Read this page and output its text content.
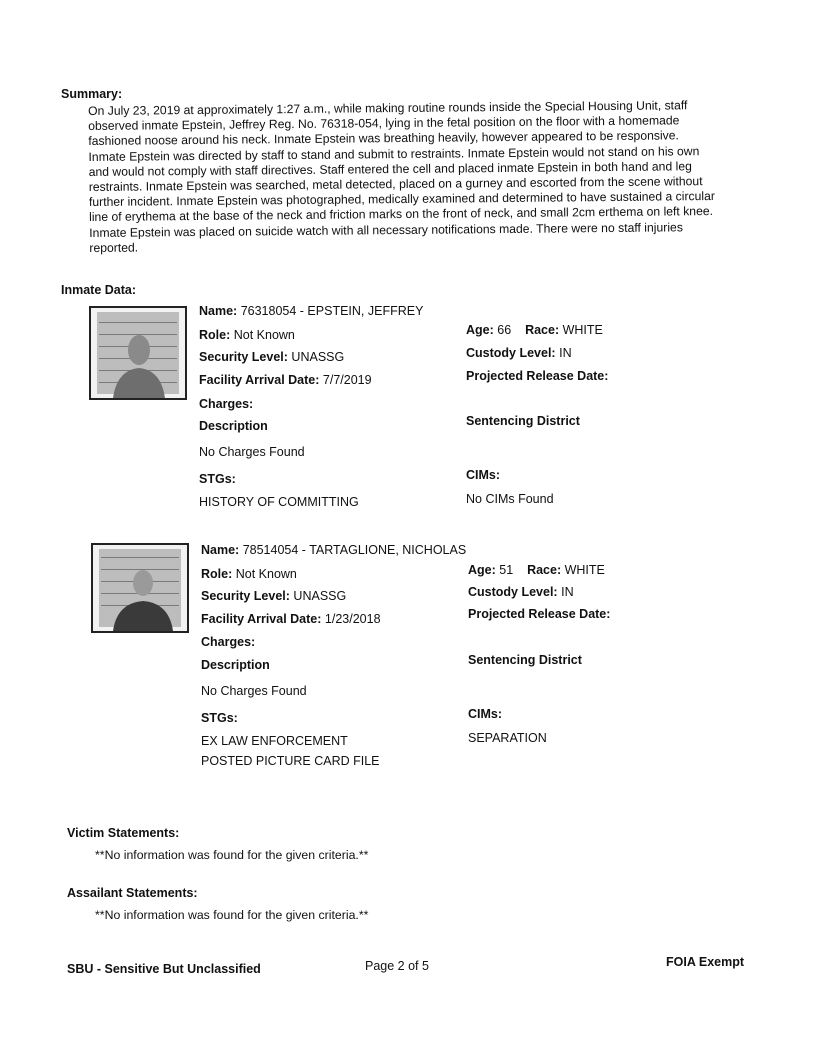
Summary:
On July 23, 2019 at approximately 1:27 a.m., while making routine rounds inside the Special Housing Unit, staff
observed inmate Epstein, Jeffrey Reg. No. 76318-054, lying in the fetal position on the floor with a homemade
fashioned noose around his neck. Inmate Epstein was breathing heavily, however appeared to be responsive.
Inmate Epstein was directed by staff to stand and submit to restraints. Inmate Epstein would not stand on his own
and would not comply with staff directives. Staff entered the cell and placed inmate Epstein in both hand and leg
restraints. Inmate Epstein was searched, metal detected, placed on a gurney and escorted from the scene without
further incident. Inmate Epstein was photographed, medically examined and determined to have sustained a circular
line of erythema at the base of the neck and friction marks on the front of neck, and small 2cm erthema on left knee.
Inmate Epstein was placed on suicide watch with all necessary notifications made. There were no staff injuries
reported.
Inmate Data:
Name: 76318054 - EPSTEIN, JEFFREY
Role: Not Known
Security Level: UNASSG
Facility Arrival Date: 7/7/2019
Charges:
Description
No Charges Found
STGs:
HISTORY OF COMMITTING
Age: 66 Race: WHITE
Custody Level: IN
Projected Release Date:
Sentencing District
CIMs:
No CIMs Found
Name: 78514054 - TARTAGLIONE, NICHOLAS
Role: Not Known
Security Level: UNASSG
Facility Arrival Date: 1/23/2018
Charges:
Description
No Charges Found
STGs:
EX LAW ENFORCEMENT
POSTED PICTURE CARD FILE
Age: 51 Race: WHITE
Custody Level: IN
Projected Release Date:
Sentencing District
CIMs:
SEPARATION
Victim Statements:
**No information was found for the given criteria.**
Assailant Statements:
**No information was found for the given criteria.**
SBU - Sensitive But Unclassified	Page 2 of 5	FOIA Exempt
